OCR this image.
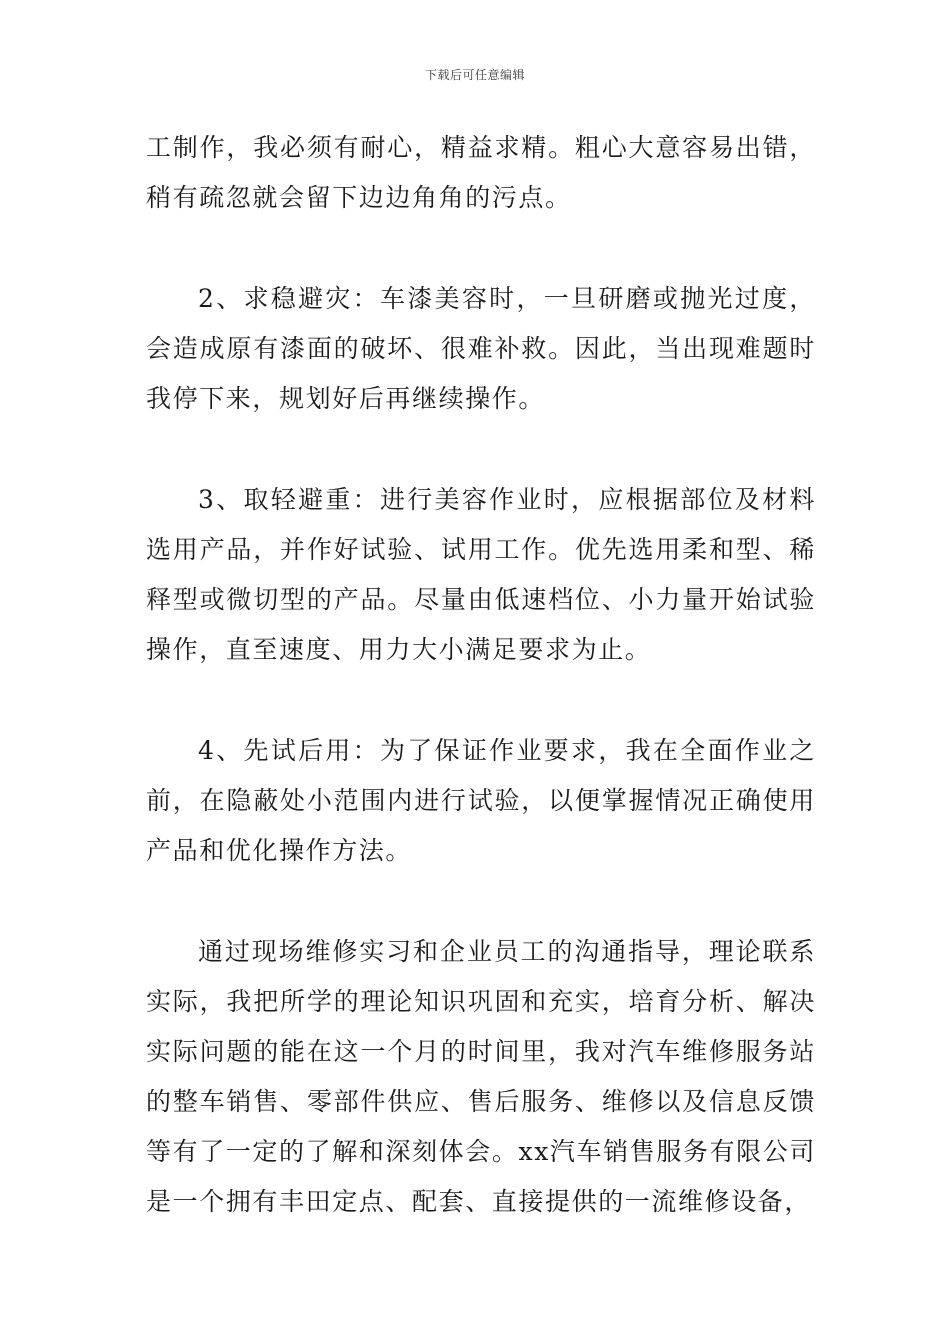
下载后可任意编辑

工制作，我必须有耐心，精益求精。粗心大意容易出错，稍有疏忽就会留下边边角角的污点。

2、求稳避灾：车漆美容时，一旦研磨或抛光过度，会造成原有漆面的破坏、很难补救。因此，当出现难题时我停下来，规划好后再继续操作。

3、取轻避重：进行美容作业时，应根据部位及材料选用产品，并作好试验、试用工作。优先选用柔和型、稀释型或微切型的产品。尽量由低速档位、小力量开始试验操作，直至速度、用力大小满足要求为止。

4、先试后用：为了保证作业要求，我在全面作业之前，在隐蔽处小范围内进行试验，以便掌握情况正确使用产品和优化操作方法。

通过现场维修实习和企业员工的沟通指导，理论联系实际，我把所学的理论知识巩固和充实，培育分析、解决实际问题的能在这一个月的时间里，我对汽车维修服务站的整车销售、零部件供应、售后服务、维修以及信息反馈等有了一定的了解和深刻体会。xx汽车销售服务有限公司是一个拥有丰田定点、配套、直接提供的一流维修设备，
